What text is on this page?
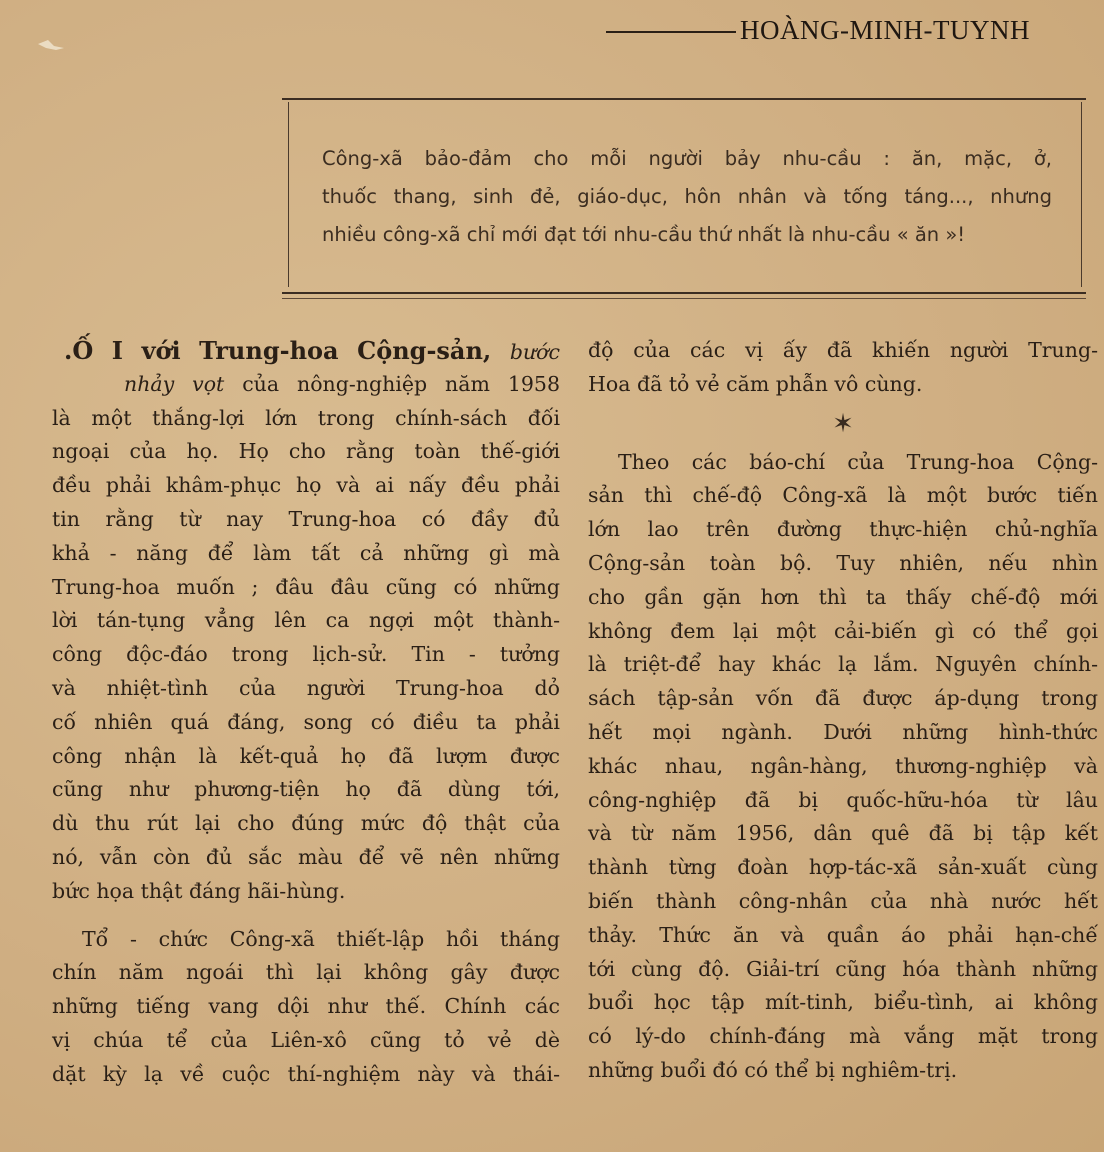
HOÀNG-MINH-TUYNH
Công-xã bảo-đảm cho mỗi người bảy nhu-cầu : ăn, mặc, ở,
thuốc thang, sinh đẻ, giáo-dục, hôn nhân và tống táng..., nhưng
nhiều công-xã chỉ mới đạt tới nhu-cầu thứ nhất là nhu-cầu « ăn »!
.Ố I với Trung-hoa Cộng-sản, bước
nhảy vọt của nông-nghiệp năm 1958
là một thắng-lợi lớn trong chính-sách đối
ngoại của họ. Họ cho rằng toàn thế-giới
đều phải khâm-phục họ và ai nấy đều phải
tin rằng từ nay Trung-hoa có đầy đủ
khả - năng để làm tất cả những gì mà
Trung-hoa muốn ; đâu đâu cũng có những
lời tán-tụng vẳng lên ca ngợi một thành-
công độc-đáo trong lịch-sử. Tin - tưởng
và nhiệt-tình của người Trung-hoa dỏ
cố nhiên quá đáng, song có điều ta phải
công nhận là kết-quả họ đã lượm được
cũng như phương-tiện họ đã dùng tới,
dù thu rút lại cho đúng mức độ thật của
nó, vẫn còn đủ sắc màu để vẽ nên những
bức họa thật đáng hãi-hùng.
Tổ - chức Công-xã thiết-lập hồi tháng
chín năm ngoái thì lại không gây được
những tiếng vang dội như thế. Chính các
vị chúa tể của Liên-xô cũng tỏ vẻ dè
dặt kỳ lạ về cuộc thí-nghiệm này và thái-
độ của các vị ấy đã khiến người Trung-
Hoa đã tỏ vẻ căm phẫn vô cùng.
✶
Theo các báo-chí của Trung-hoa Cộng-
sản thì chế-độ Công-xã là một bước tiến
lớn lao trên đường thực-hiện chủ-nghĩa
Cộng-sản toàn bộ. Tuy nhiên, nếu nhìn
cho gần gặn hơn thì ta thấy chế-độ mới
không đem lại một cải-biến gì có thể gọi
là triệt-để hay khác lạ lắm. Nguyên chính-
sách tập-sản vốn đã được áp-dụng trong
hết mọi ngành. Dưới những hình-thức
khác nhau, ngân-hàng, thương-nghiệp và
công-nghiệp đã bị quốc-hữu-hóa từ lâu
và từ năm 1956, dân quê đã bị tập kết
thành từng đoàn hợp-tác-xã sản-xuất cùng
biến thành công-nhân của nhà nước hết
thảy. Thức ăn và quần áo phải hạn-chế
tới cùng độ. Giải-trí cũng hóa thành những
buổi học tập mít-tinh, biểu-tình, ai không
có lý-do chính-đáng mà vắng mặt trong
những buổi đó có thể bị nghiêm-trị.
